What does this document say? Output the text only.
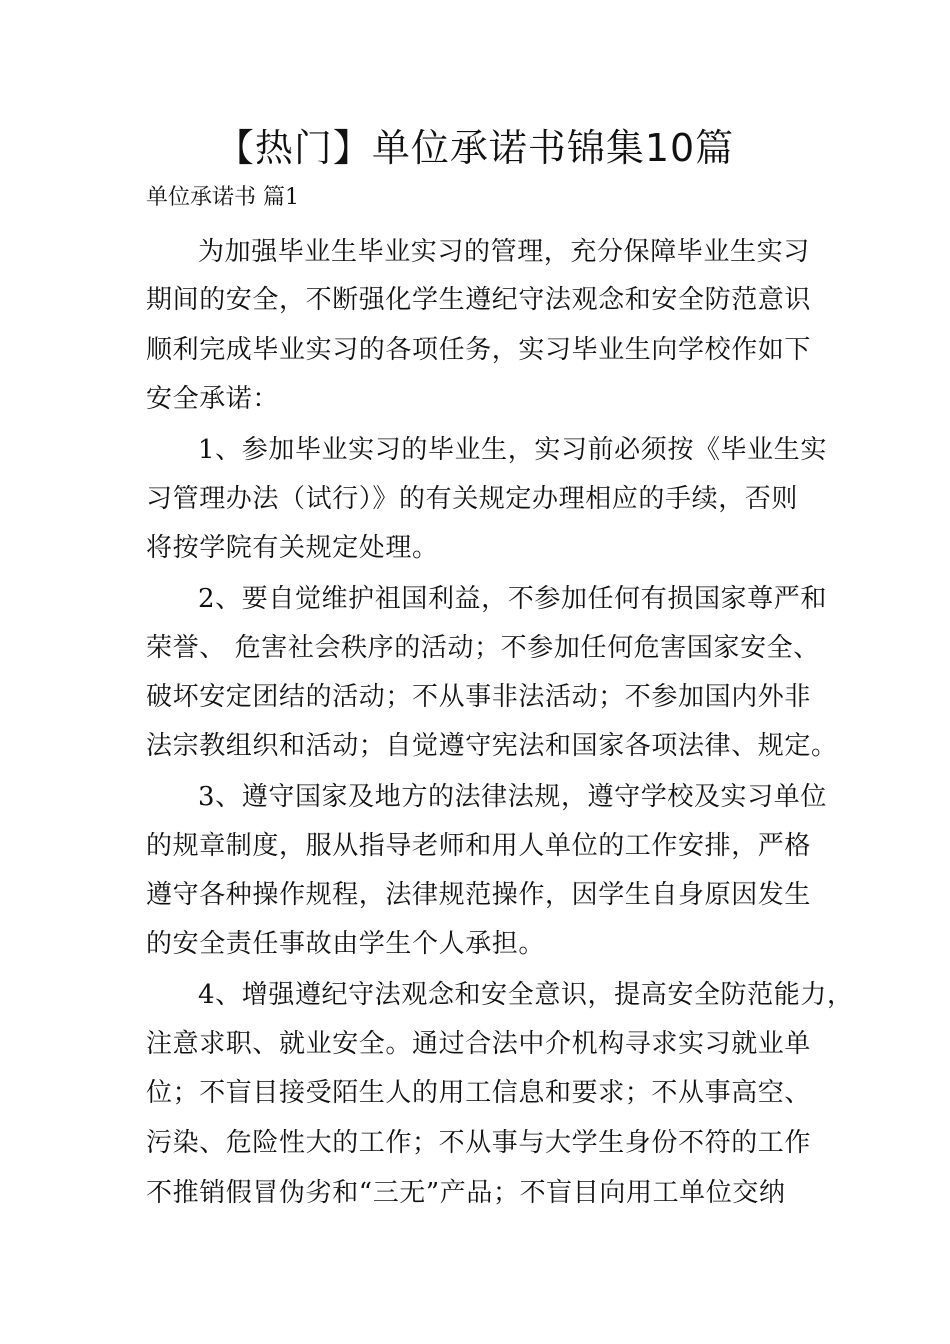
【热门】单位承诺书锦集10篇
单位承诺书 篇1
为加强毕业生毕业实习的管理，充分保障毕业生实习
期间的安全，不断强化学生遵纪守法观念和安全防范意识
顺利完成毕业实习的各项任务，实习毕业生向学校作如下
安全承诺：
1、参加毕业实习的毕业生，实习前必须按《毕业生实
习管理办法（试行）》的有关规定办理相应的手续，否则
将按学院有关规定处理。
2、要自觉维护祖国利益，不参加任何有损国家尊严和
荣誉、 危害社会秩序的活动；不参加任何危害国家安全、
破坏安定团结的活动；不从事非法活动；不参加国内外非
法宗教组织和活动；自觉遵守宪法和国家各项法律、规定。
3、遵守国家及地方的法律法规，遵守学校及实习单位
的规章制度，服从指导老师和用人单位的工作安排，严格
遵守各种操作规程，法律规范操作，因学生自身原因发生
的安全责任事故由学生个人承担。
4、增强遵纪守法观念和安全意识，提高安全防范能力，
注意求职、就业安全。通过合法中介机构寻求实习就业单
位；不盲目接受陌生人的用工信息和要求；不从事高空、
污染、危险性大的工作；不从事与大学生身份不符的工作
不推销假冒伪劣和“三无”产品；不盲目向用工单位交纳
